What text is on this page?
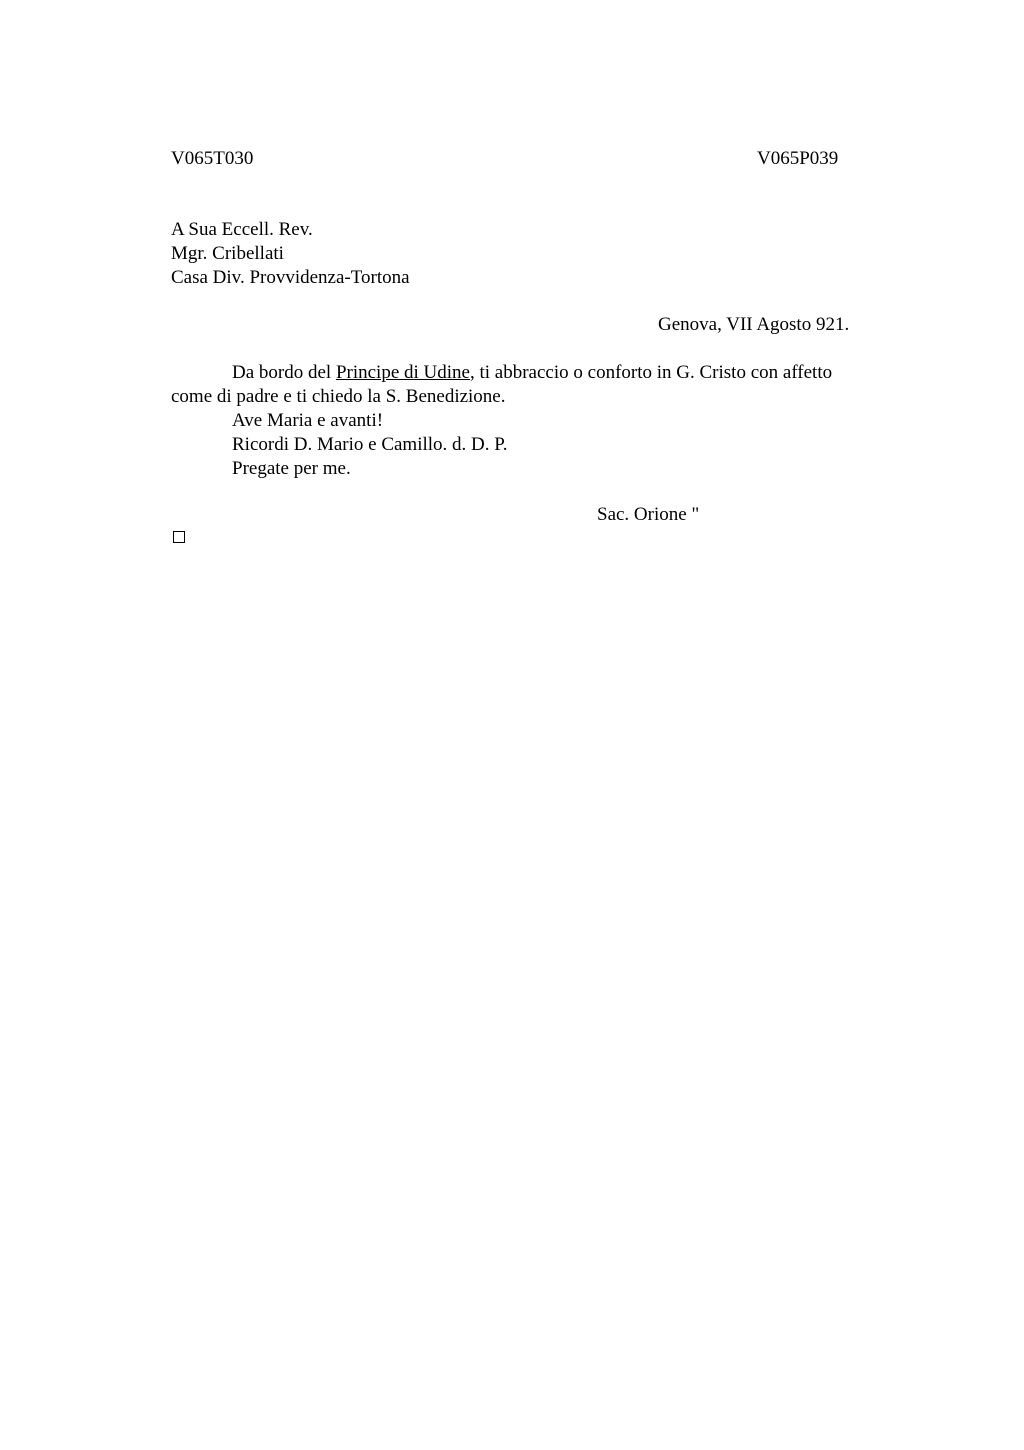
V065T030	V065P039
A Sua Eccell. Rev.
Mgr. Cribellati
Casa Div. Provvidenza-Tortona
Genova, VII Agosto 921.

Da bordo del Principe di Udine, ti abbraccio o conforto in G. Cristo con affetto

come di padre e ti chiedo la S. Benedizione.

Ave Maria e avanti!

Ricordi D. Mario e Camillo. d. D. P.

Pregate per me.

Sac. Orione "
